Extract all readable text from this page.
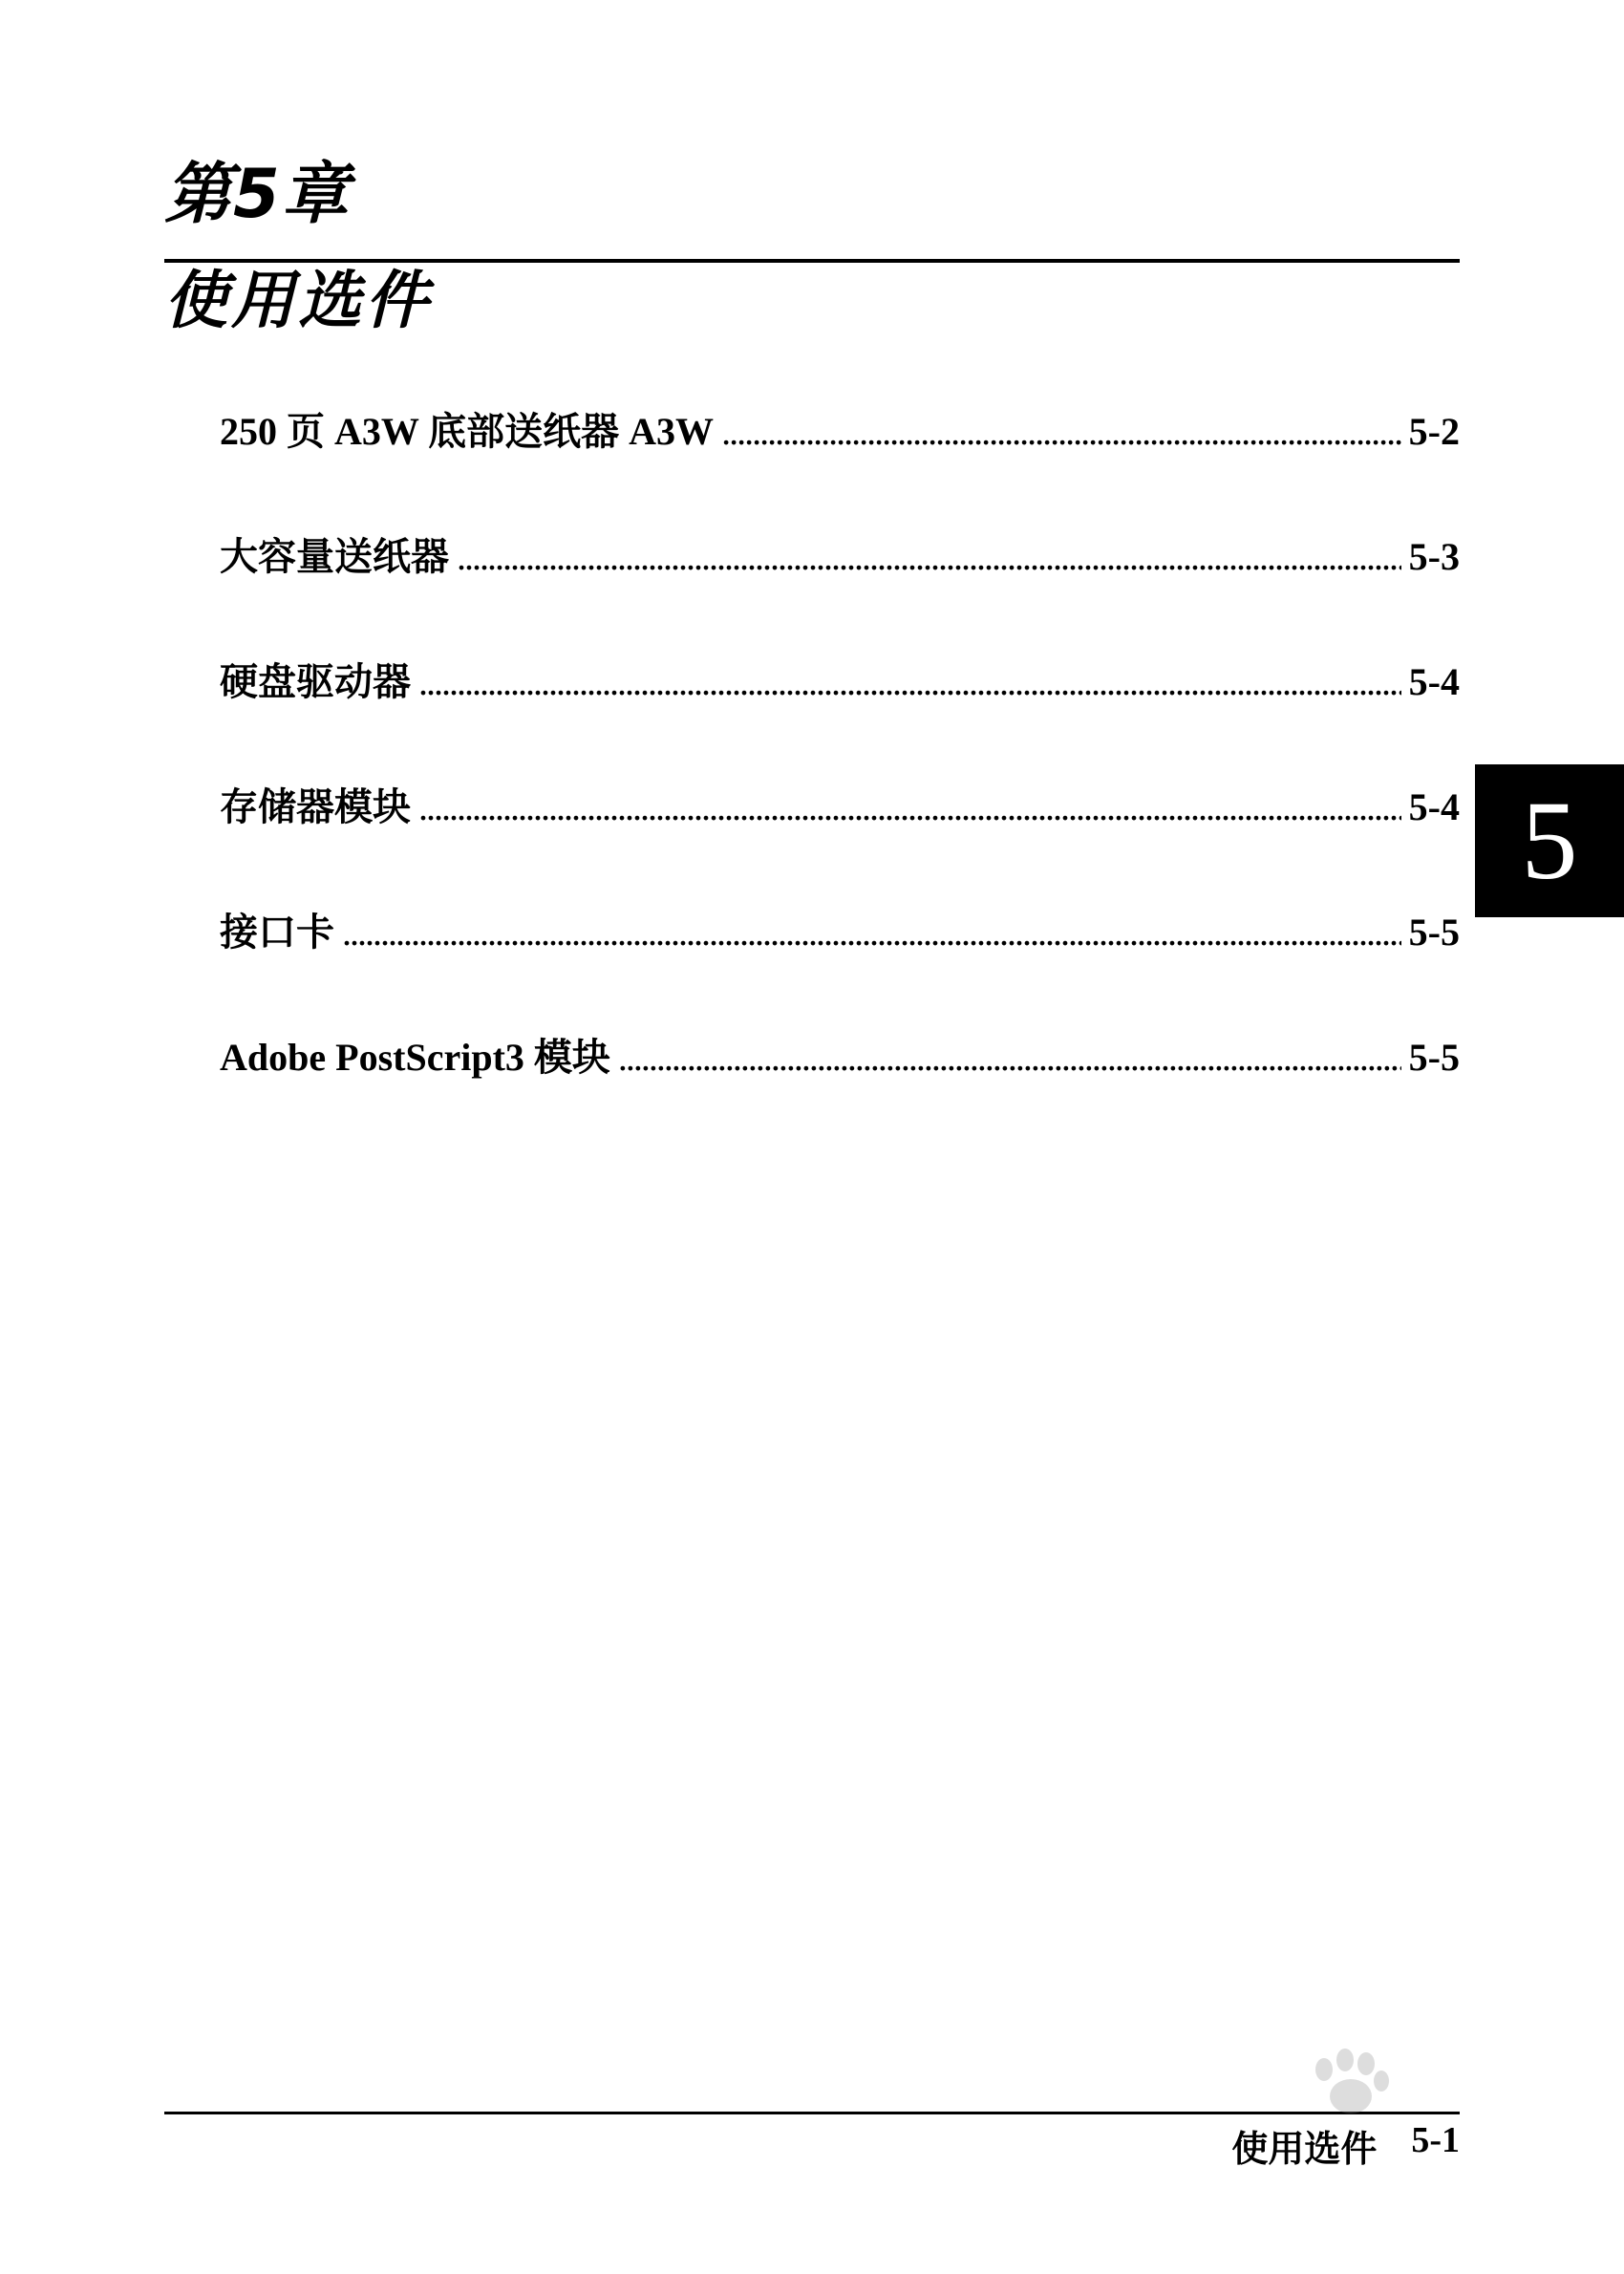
第5章
使用选件
250 页 A3W 底部送纸器 A3W . . .	5-2
大容量送纸器 . . .	5-3
硬盘驱动器 . . .	5-4
存储器模块 . . .	5-4
接口卡 . . .	5-5
Adobe PostScript3 模块 . . .	5-5
5
使用选件 5-1
